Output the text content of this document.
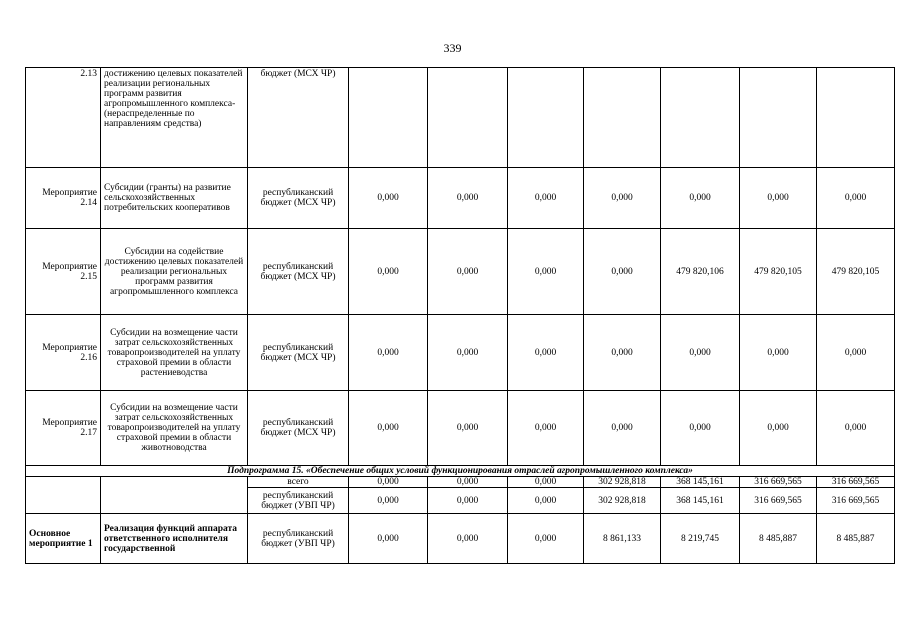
339
2.13	достижению целевых показателей реализации региональных программ развития агропромышленного комплекса- (нераспределенные по направлениям средства)	бюджет (МСХ ЧР)							
Мероприятие 2.14	Субсидии (гранты) на развитие сельскохозяйственных потребительских кооперативов	республиканский бюджет (МСХ ЧР)	0,000	0,000	0,000	0,000	0,000	0,000	0,000
Мероприятие 2.15	Субсидии на содействие достижению целевых показателей реализации региональных программ развития агропромышленного комплекса	республиканский бюджет (МСХ ЧР)	0,000	0,000	0,000	0,000	479 820,106	479 820,105	479 820,105
Мероприятие 2.16	Субсидии на возмещение части затрат сельскохозяйственных товаропроизводителей на уплату страховой премии в области растениеводства	республиканский бюджет (МСХ ЧР)	0,000	0,000	0,000	0,000	0,000	0,000	0,000
Мероприятие 2.17	Субсидии на возмещение части затрат сельскохозяйственных товаропроизводителей на уплату страховой премии в области животноводства	республиканский бюджет (МСХ ЧР)	0,000	0,000	0,000	0,000	0,000	0,000	0,000
Подпрограмма 15. «Обеспечение общих условий функционирования отраслей агропромышленного комплекса»									
		всего	0,000	0,000	0,000	302 928,818	368 145,161	316 669,565	316 669,565
		республиканский бюджет (УВП ЧР)	0,000	0,000	0,000	302 928,818	368 145,161	316 669,565	316 669,565
Основное мероприятие 1	Реализация функций аппарата ответственного исполнителя государственной	республиканский бюджет (УВП ЧР)	0,000	0,000	0,000	8 861,133	8 219,745	8 485,887	8 485,887
